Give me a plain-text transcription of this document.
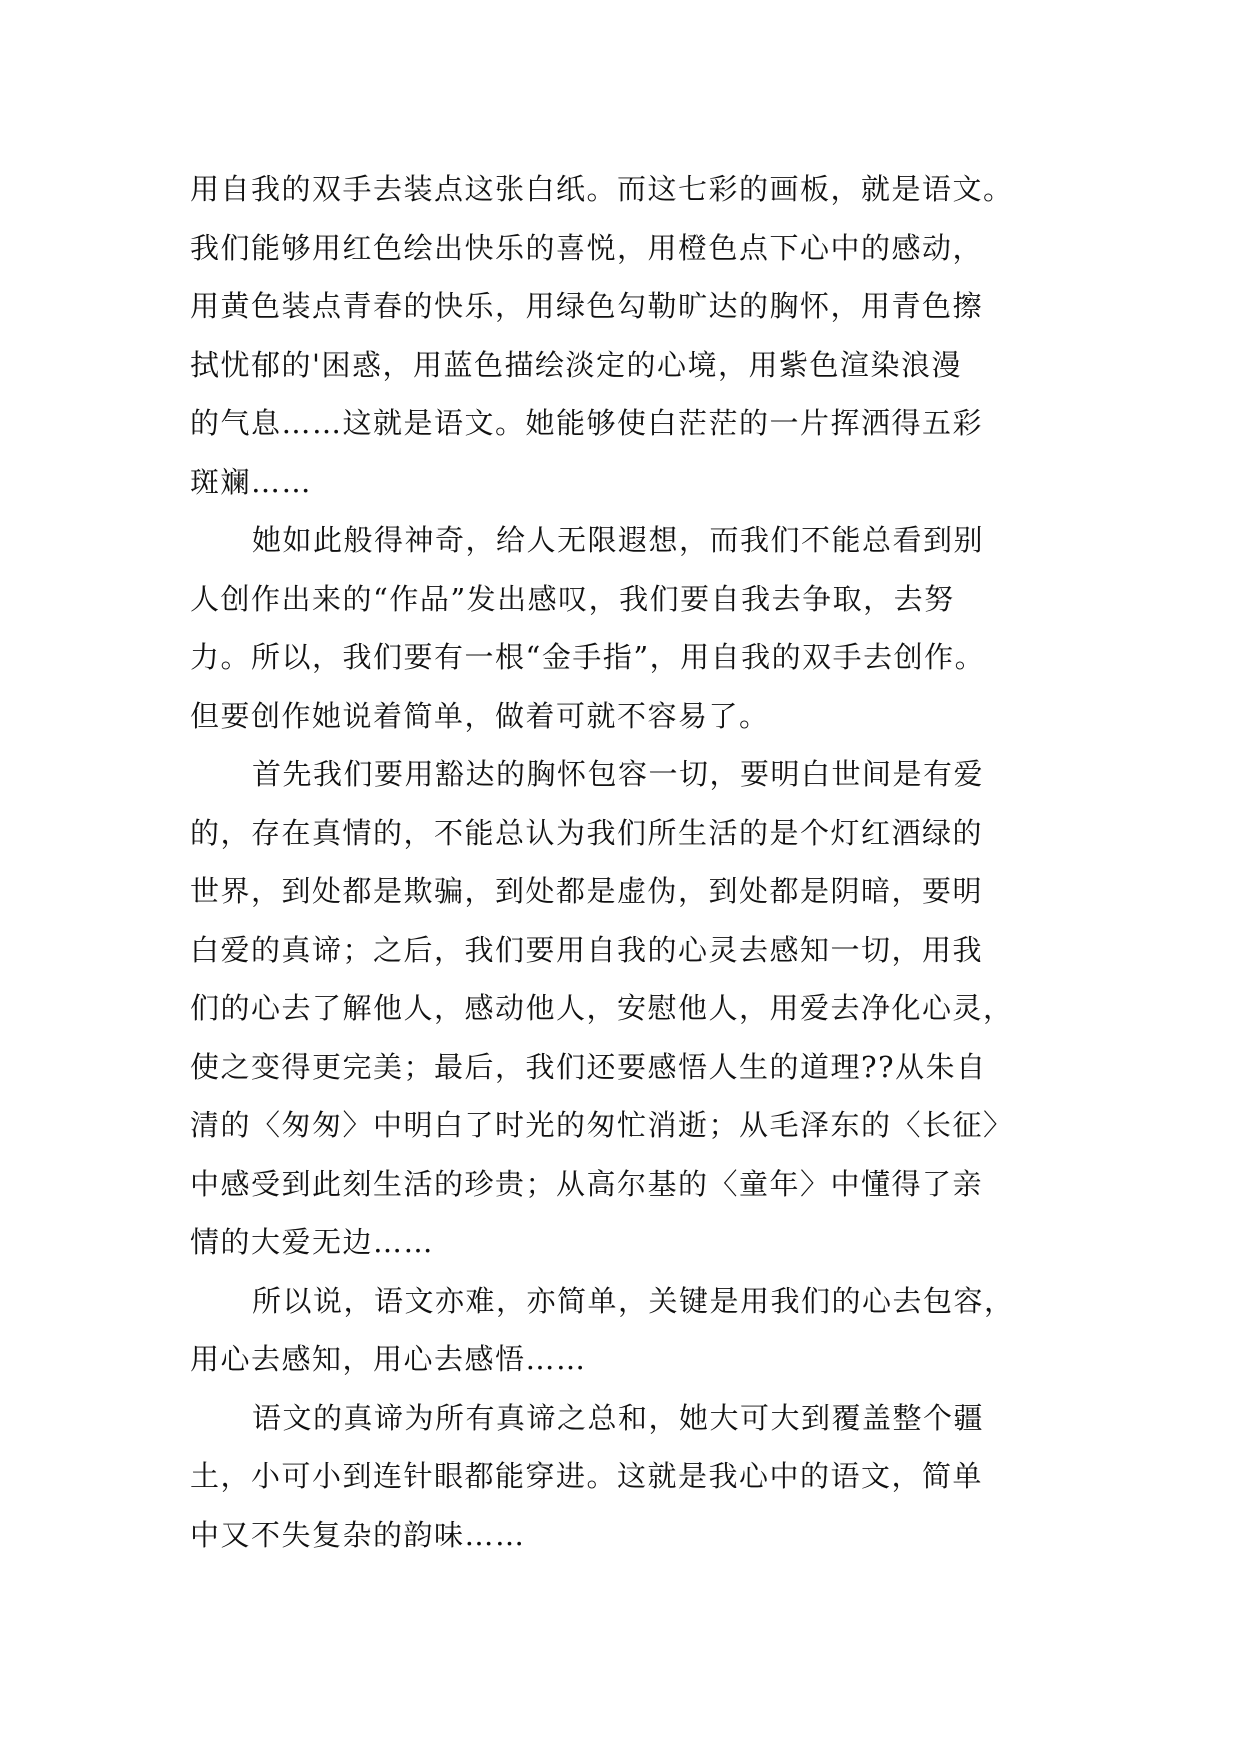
用自我的双手去装点这张白纸。而这七彩的画板，就是语文。
我们能够用红色绘出快乐的喜悦，用橙色点下心中的感动，
用黄色装点青春的快乐，用绿色勾勒旷达的胸怀，用青色擦
拭忧郁的'困惑，用蓝色描绘淡定的心境，用紫色渲染浪漫
的气息……这就是语文。她能够使白茫茫的一片挥洒得五彩
斑斓……
她如此般得神奇，给人无限遐想，而我们不能总看到别
人创作出来的“作品”发出感叹，我们要自我去争取，去努
力。所以，我们要有一根“金手指”，用自我的双手去创作。
但要创作她说着简单，做着可就不容易了。
首先我们要用豁达的胸怀包容一切，要明白世间是有爱
的，存在真情的，不能总认为我们所生活的是个灯红酒绿的
世界，到处都是欺骗，到处都是虚伪，到处都是阴暗，要明
白爱的真谛；之后，我们要用自我的心灵去感知一切，用我
们的心去了解他人，感动他人，安慰他人，用爱去净化心灵，
使之变得更完美；最后，我们还要感悟人生的道理??从朱自
清的〈匆匆〉中明白了时光的匆忙消逝；从毛泽东的〈长征〉
中感受到此刻生活的珍贵；从高尔基的〈童年〉中懂得了亲
情的大爱无边……
所以说，语文亦难，亦简单，关键是用我们的心去包容，
用心去感知，用心去感悟……
语文的真谛为所有真谛之总和，她大可大到覆盖整个疆
土，小可小到连针眼都能穿进。这就是我心中的语文，简单
中又不失复杂的韵味……
